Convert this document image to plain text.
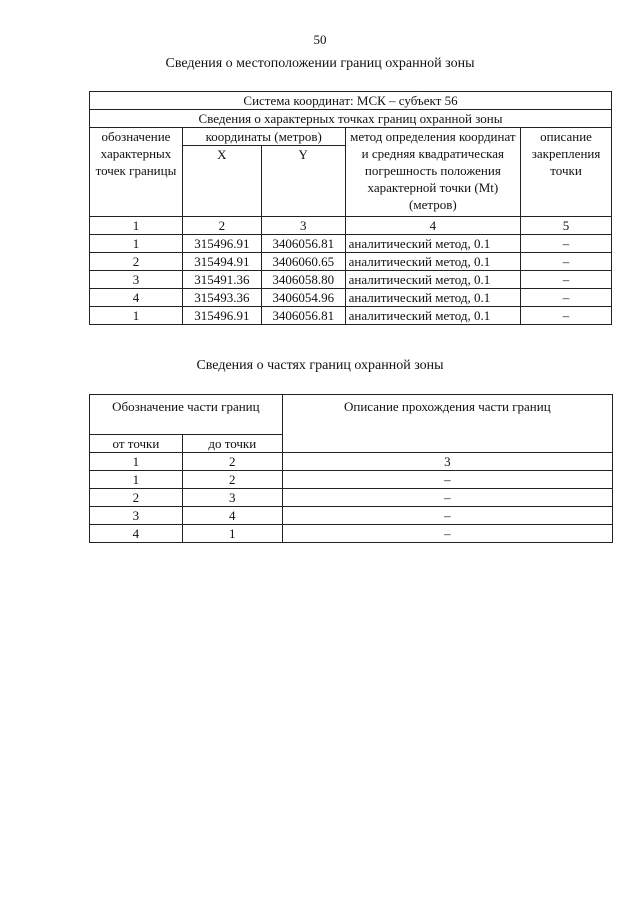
50
Сведения о местоположении границ охранной зоны
Система координат: МСК – субъект 56				
Сведения о характерных точках границ охранной зоны				
обозначение характерных точек границы	координаты (метров)		метод определения координат и средняя квадратическая погрешность положения характерной точки (Mt) (метров)	описание закрепления точки
	X	Y		
1	2	3	4	5
1	315496.91	3406056.81	аналитический метод, 0.1	–
2	315494.91	3406060.65	аналитический метод, 0.1	–
3	315491.36	3406058.80	аналитический метод, 0.1	–
4	315493.36	3406054.96	аналитический метод, 0.1	–
1	315496.91	3406056.81	аналитический метод, 0.1	–
Сведения о частях границ охранной зоны
Обозначение части границ		Описание прохождения части границ
от точки	до точки	
1	2	3
1	2	–
2	3	–
3	4	–
4	1	–
